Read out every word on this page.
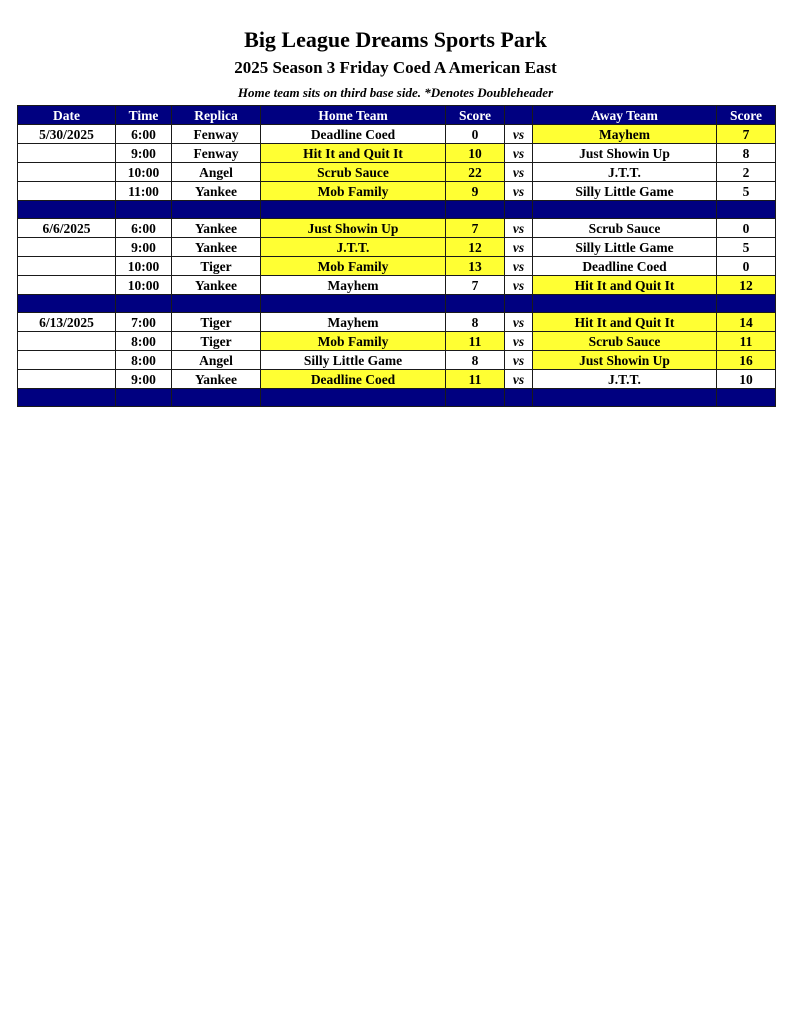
Big League Dreams Sports Park
2025 Season 3 Friday Coed A American East
Home team sits on third base side. *Denotes Doubleheader
Date	Time	Replica	Home Team	Score		Away Team	Score
5/30/2025	6:00	Fenway	Deadline Coed	0	vs	Mayhem	7
	9:00	Fenway	Hit It and Quit It	10	vs	Just Showin Up	8
	10:00	Angel	Scrub Sauce	22	vs	J.T.T.	2
	11:00	Yankee	Mob Family	9	vs	Silly Little Game	5

6/6/2025	6:00	Yankee	Just Showin Up	7	vs	Scrub Sauce	0
	9:00	Yankee	J.T.T.	12	vs	Silly Little Game	5
	10:00	Tiger	Mob Family	13	vs	Deadline Coed	0
	10:00	Yankee	Mayhem	7	vs	Hit It and Quit It	12

6/13/2025	7:00	Tiger	Mayhem	8	vs	Hit It and Quit It	14
	8:00	Tiger	Mob Family	11	vs	Scrub Sauce	11
	8:00	Angel	Silly Little Game	8	vs	Just Showin Up	16
	9:00	Yankee	Deadline Coed	11	vs	J.T.T.	10
